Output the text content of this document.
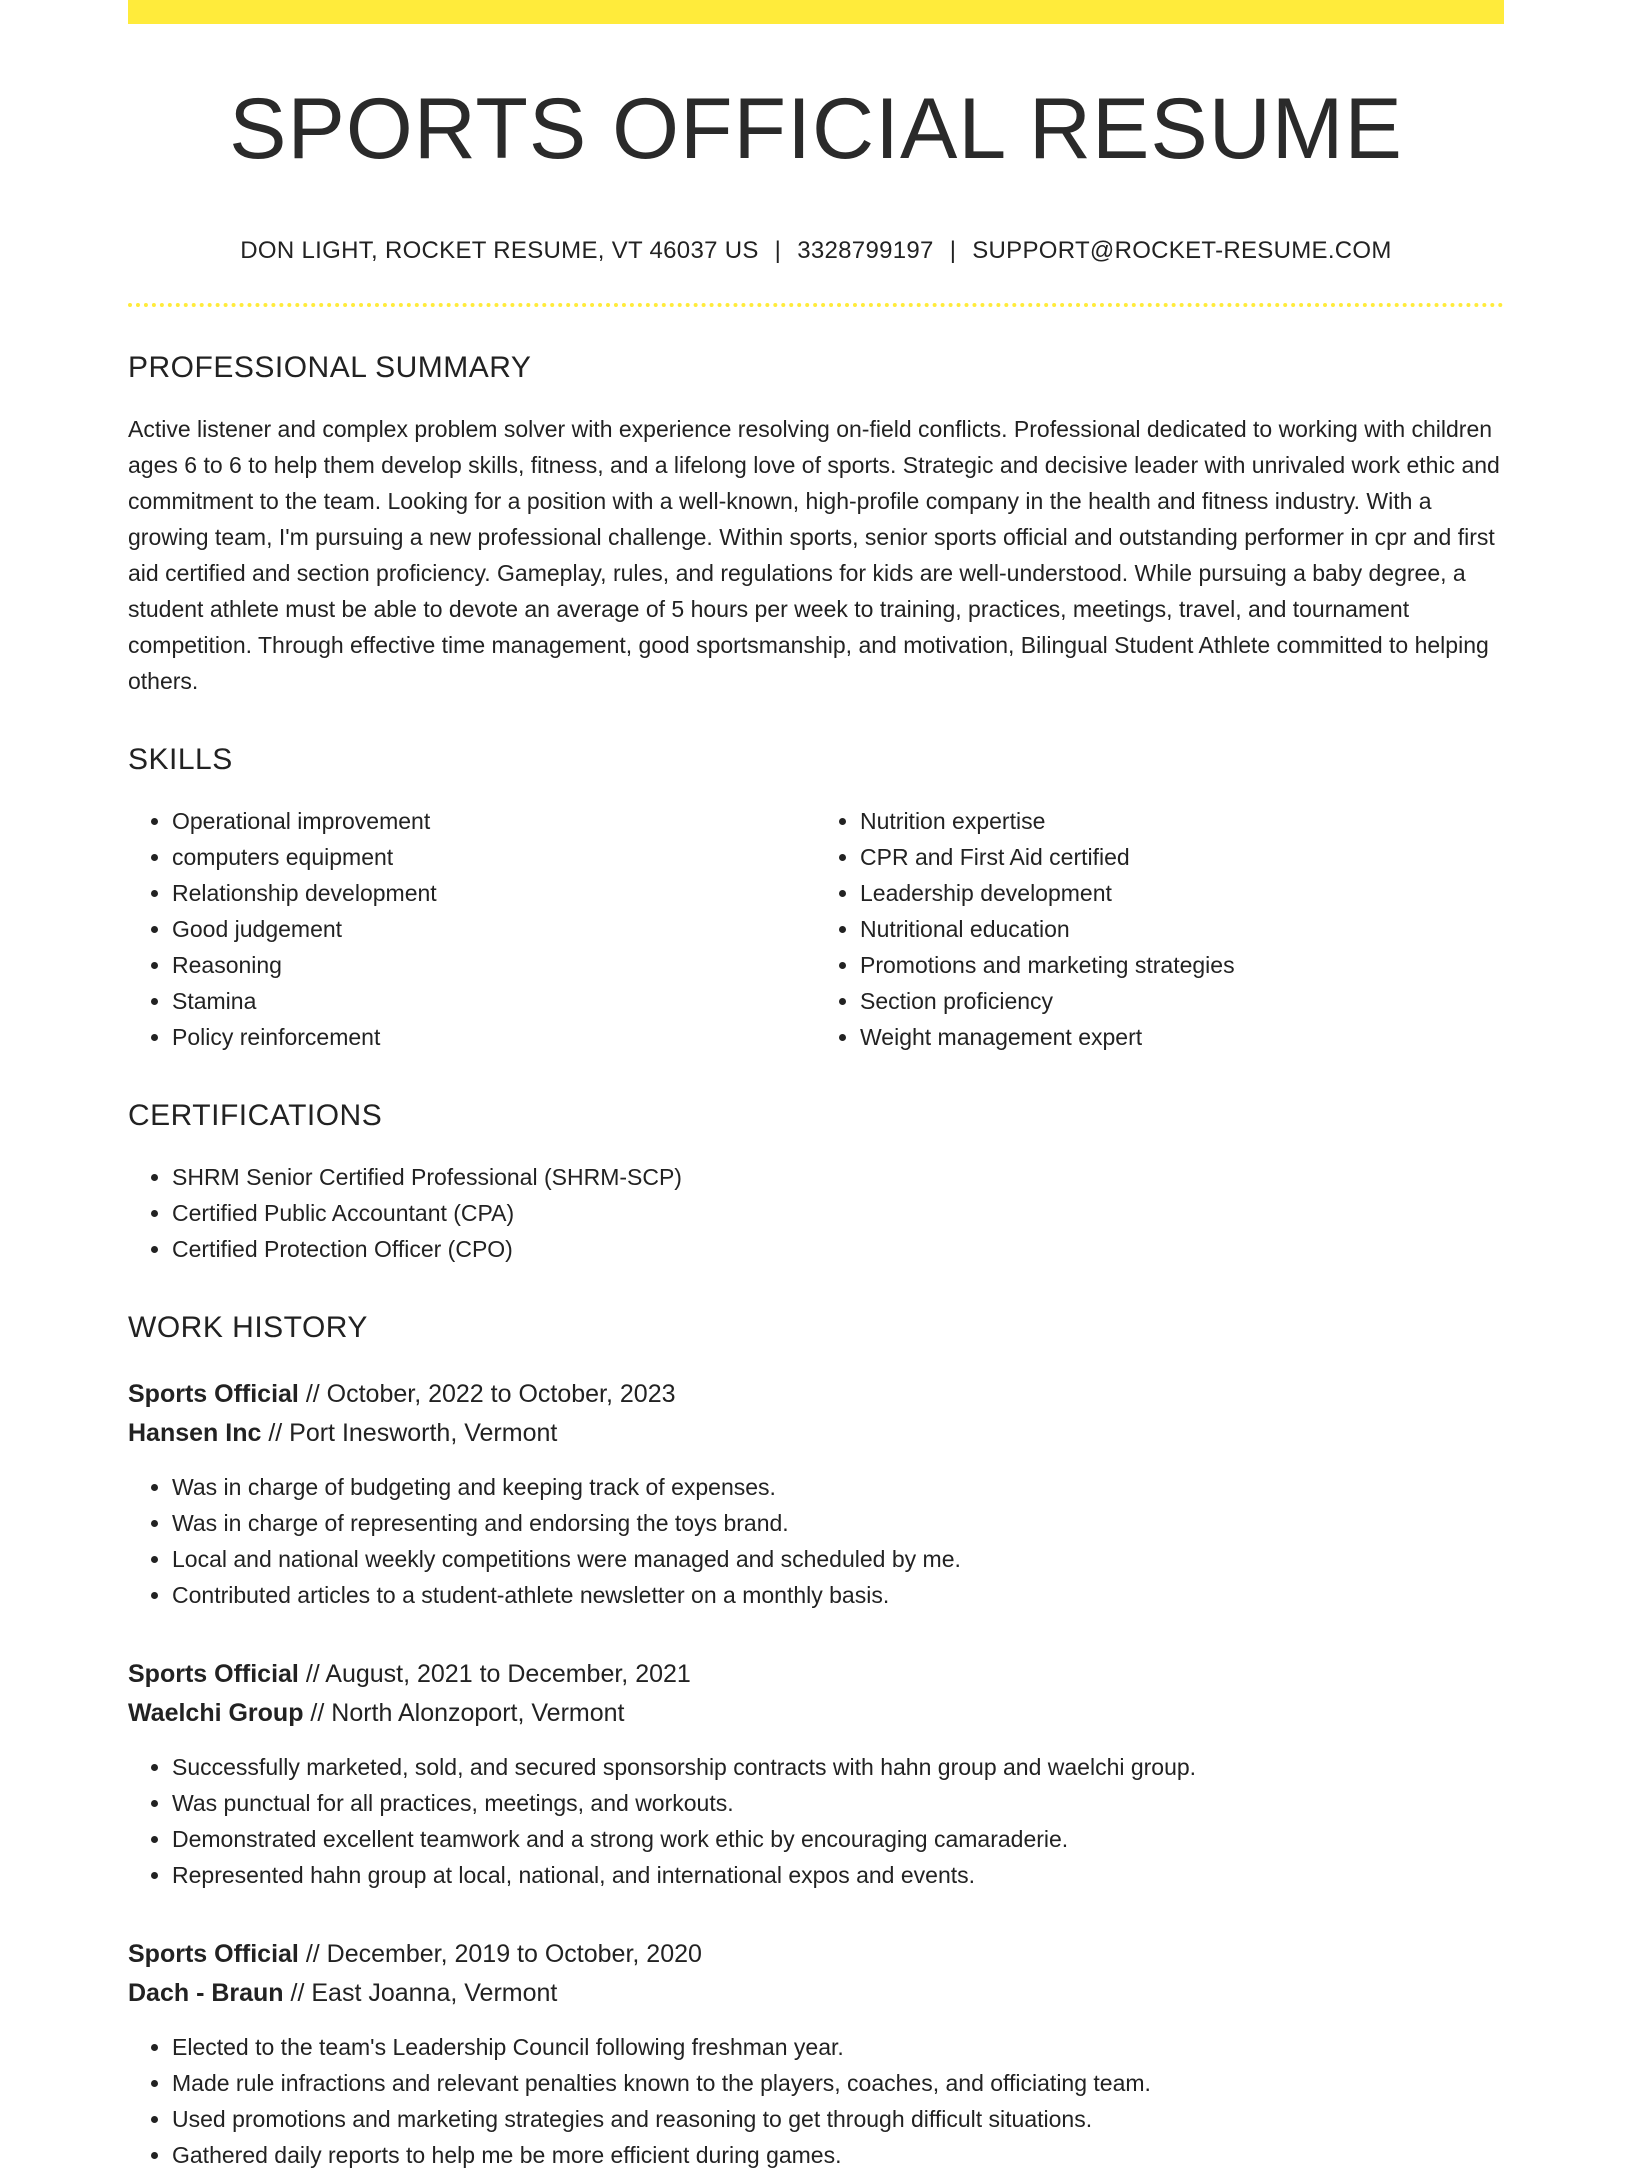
SPORTS OFFICIAL RESUME
DON LIGHT, ROCKET RESUME, VT 46037 US | 3328799197 | SUPPORT@ROCKET-RESUME.COM
PROFESSIONAL SUMMARY

Active listener and complex problem solver with experience resolving on-field conflicts. Professional dedicated to working with children ages 6 to 6 to help them develop skills, fitness, and a lifelong love of sports. Strategic and decisive leader with unrivaled work ethic and commitment to the team. Looking for a position with a well-known, high-profile company in the health and fitness industry. With a growing team, I'm pursuing a new professional challenge. Within sports, senior sports official and outstanding performer in cpr and first aid certified and section proficiency. Gameplay, rules, and regulations for kids are well-understood. While pursuing a baby degree, a student athlete must be able to devote an average of 5 hours per week to training, practices, meetings, travel, and tournament competition. Through effective time management, good sportsmanship, and motivation, Bilingual Student Athlete committed to helping others.

SKILLS
• Operational improvement
• computers equipment
• Relationship development
• Good judgement
• Reasoning
• Stamina
• Policy reinforcement
• Nutrition expertise
• CPR and First Aid certified
• Leadership development
• Nutritional education
• Promotions and marketing strategies
• Section proficiency
• Weight management expert
CERTIFICATIONS
• SHRM Senior Certified Professional (SHRM-SCP)
• Certified Public Accountant (CPA)
• Certified Protection Officer (CPO)
WORK HISTORY
Sports Official // October, 2022 to October, 2023
Hansen Inc // Port Inesworth, Vermont
• Was in charge of budgeting and keeping track of expenses.
• Was in charge of representing and endorsing the toys brand.
• Local and national weekly competitions were managed and scheduled by me.
• Contributed articles to a student-athlete newsletter on a monthly basis.
Sports Official // August, 2021 to December, 2021
Waelchi Group // North Alonzoport, Vermont
• Successfully marketed, sold, and secured sponsorship contracts with hahn group and waelchi group.
• Was punctual for all practices, meetings, and workouts.
• Demonstrated excellent teamwork and a strong work ethic by encouraging camaraderie.
• Represented hahn group at local, national, and international expos and events.
Sports Official // December, 2019 to October, 2020
Dach - Braun // East Joanna, Vermont
• Elected to the team's Leadership Council following freshman year.
• Made rule infractions and relevant penalties known to the players, coaches, and officiating team.
• Used promotions and marketing strategies and reasoning to get through difficult situations.
• Gathered daily reports to help me be more efficient during games.
